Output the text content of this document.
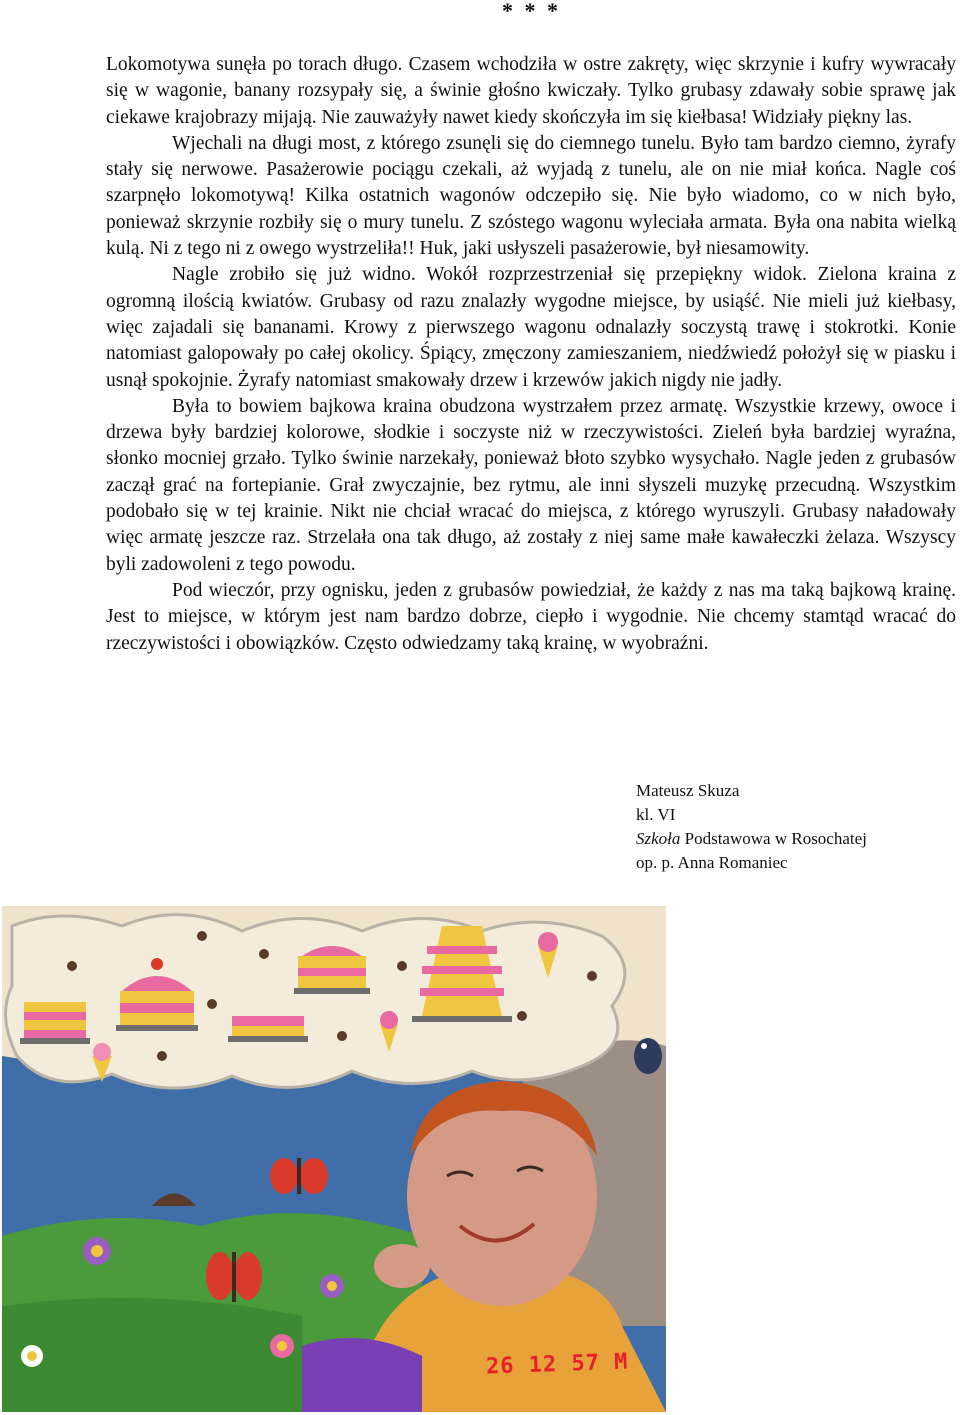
* * *

Lokomotywa sunęła po torach długo. Czasem wchodziła w ostre zakręty, więc skrzynie i kufry wywracały się w wagonie, banany rozsypały się, a świnie głośno kwiczały. Tylko grubasy zdawały sobie sprawę jak ciekawe krajobrazy mijają. Nie zauważyły nawet kiedy skończyła im się kiełbasa! Widziały piękny las.

Wjechali na długi most, z którego zsunęli się do ciemnego tunelu. Było tam bardzo ciemno, żyrafy stały się nerwowe. Pasażerowie pociągu czekali, aż wyjadą z tunelu, ale on nie miał końca. Nagle coś szarpnęło lokomotywą! Kilka ostatnich wagonów odczepiło się. Nie było wiadomo, co w nich było, ponieważ skrzynie rozbiły się o mury tunelu. Z szóstego wagonu wyleciała armata. Była ona nabita wielką kulą. Ni z tego ni z owego wystrzeliła!! Huk, jaki usłyszeli pasażerowie, był niesamowity.

Nagle zrobiło się już widno. Wokół rozprzestrzeniał się przepiękny widok. Zielona kraina z ogromną ilością kwiatów. Grubasy od razu znalazły wygodne miejsce, by usiąść. Nie mieli już kiełbasy, więc zajadali się bananami. Krowy z pierwszego wagonu odnalazły soczystą trawę i stokrotki. Konie natomiast galopowały po całej okolicy. Śpiący, zmęczony zamieszaniem, niedźwiedź położył się w piasku i usnął spokojnie. Żyrafy natomiast smakowały drzew i krzewów jakich nigdy nie jadły.

Była to bowiem bajkowa kraina obudzona wystrzałem przez armatę. Wszystkie krzewy, owoce i drzewa były bardziej kolorowe, słodkie i soczyste niż w rzeczywistości. Zieleń była bardziej wyraźna, słonko mocniej grzało. Tylko świnie narzekały, ponieważ błoto szybko wysychało. Nagle jeden z grubasów zaczął grać na fortepianie. Grał zwyczajnie, bez rytmu, ale inni słyszeli muzykę przecudną. Wszystkim podobało się w tej krainie. Nikt nie chciał wracać do miejsca, z którego wyruszyli. Grubasy naładowały więc armatę jeszcze raz. Strzelała ona tak długo, aż zostały z niej same małe kawałeczki żelaza. Wszyscy byli zadowoleni z tego powodu.

Pod wieczór, przy ognisku, jeden z grubasów powiedział, że każdy z nas ma taką bajkową krainę. Jest to miejsce, w którym jest nam bardzo dobrze, ciepło i wygodnie. Nie chcemy stamtąd wracać do rzeczywistości i obowiązków. Często odwiedzamy taką krainę, w wyobraźni.

Mateusz Skuza
kl. VI
Szkoła Podstawowa w Rosochatej
op. p. Anna Romaniec
26 12 57 M
